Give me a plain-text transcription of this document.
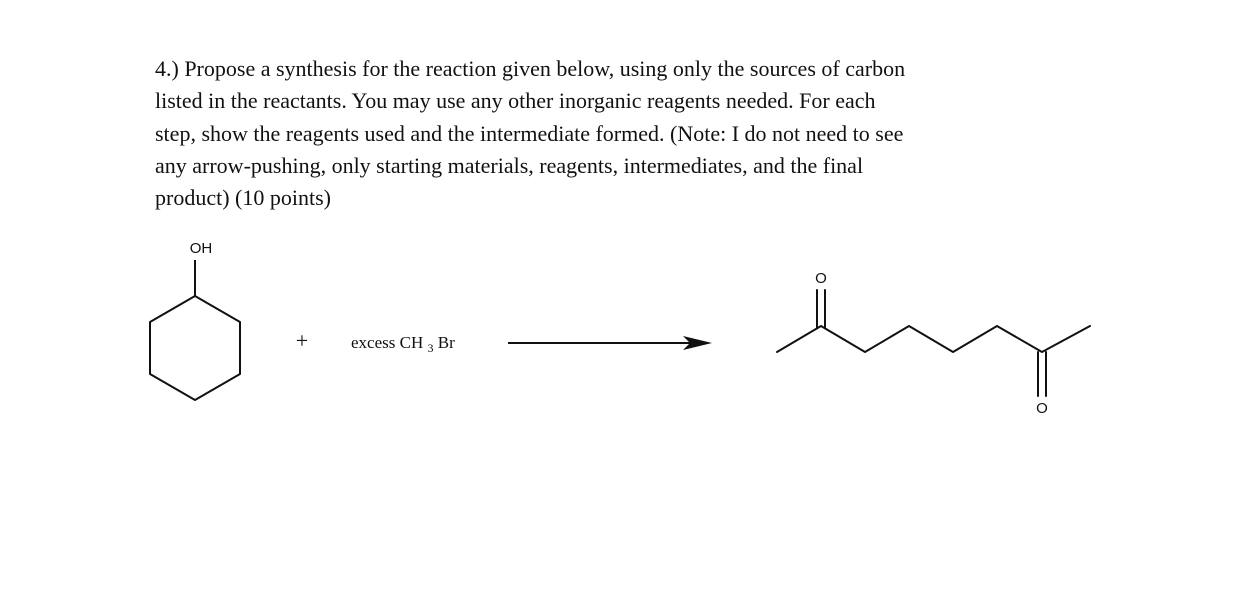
4.) Propose a synthesis for the reaction given below, using only the sources of carbon
listed in the reactants. You may use any other inorganic reagents needed. For each
step, show the reagents used and the intermediate formed. (Note: I do not need to see
any arrow-pushing, only starting materials, reagents, intermediates, and the final
product) (10 points)
OH
+	excess CH $_3$ Br
O
O
